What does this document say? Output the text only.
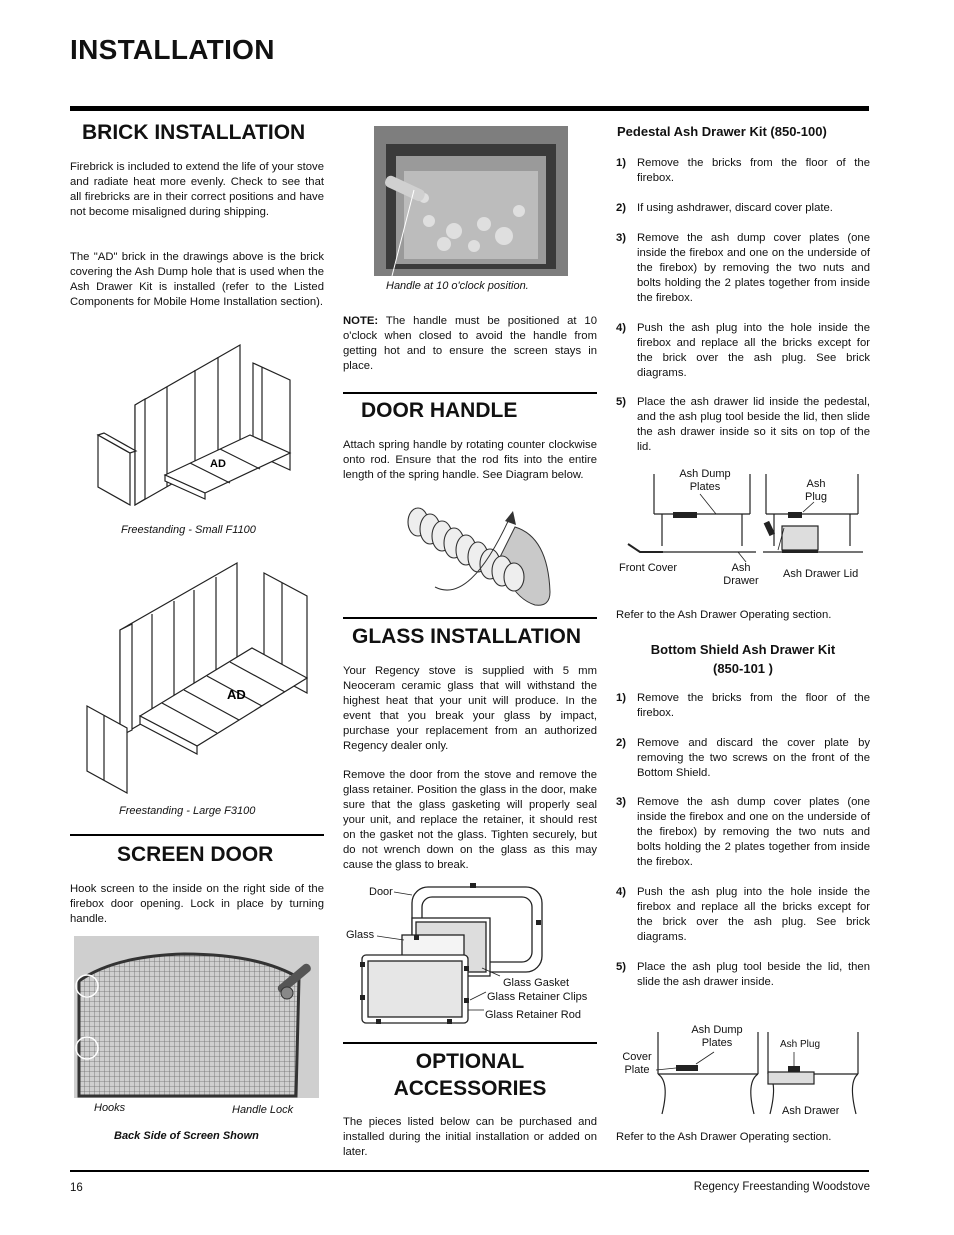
INSTALLATION
BRICK INSTALLATION
Firebrick is included to extend the life of your stove and radiate heat more evenly. Check to see that all firebricks are in their correct positions and have not become misaligned during shipping.
The "AD" brick in the drawings above is the brick covering the Ash Dump hole that is used when the Ash Drawer Kit is installed (refer to the Listed Components for Mobile Home Installation section).
AD
Freestanding - Small F1100
AD
Freestanding - Large F3100
SCREEN DOOR
Hook screen to the inside on the right side of the firebox door opening. Lock in place by turning handle.
Hooks	Handle Lock
Back Side of Screen Shown
Handle at 10 o'clock position.
NOTE: The handle must be positioned at 10 o'clock when closed to avoid the handle from getting hot and to ensure the screen stays in place.
DOOR HANDLE
Attach spring handle by rotating counter clockwise onto rod. Ensure that the rod fits into the entire length of the spring handle. See Diagram below.
GLASS INSTALLATION
Your Regency stove is supplied with 5 mm Neoceram ceramic glass that will withstand the highest heat that your unit will produce. In the event that you break your glass by impact, purchase your replacement from an authorized Regency dealer only.
Remove the door from the stove and remove the glass retainer. Position the glass in the door, make sure that the glass gasketing will properly seal your unit, and replace the retainer, it should rest on the gasket not the glass. Tighten securely, but do not wrench down on the glass as this may cause the glass to break.
Door
Glass
Glass Gasket
Glass Retainer Clips
Glass Retainer Rod
OPTIONAL
ACCESSORIES
The pieces listed below can be purchased and installed during the initial installation or added on later.
Pedestal Ash Drawer Kit (850-100)
1) Remove the bricks from the floor of the firebox.
2) If using ashdrawer, discard cover plate.
3) Remove the ash dump cover plates (one inside the firebox and one on the underside of the firebox) by removing the two nuts and bolts holding the 2 plates together from inside the firebox.
4) Push the ash plug into the hole inside the firebox and replace all the bricks except for the brick over the ash plug. See brick diagrams.
5) Place the ash drawer lid inside the pedestal, and the ash plug tool beside the lid, then slide the ash drawer inside so it sits on top of the lid.
Ash Dump Plates	Ash Plug
Front Cover	Ash Drawer
Ash Drawer Lid
Refer to the Ash Drawer Operating section.
Bottom Shield Ash Drawer Kit
(850-101 )
1) Remove the bricks from the floor of the firebox.
2) Remove and discard the cover plate by removing the two screws on the front of the Bottom Shield.
3) Remove the ash dump cover plates (one inside the firebox and one on the underside of the firebox) by removing the two nuts and bolts holding the 2 plates together from inside the firebox.
4) Push the ash plug into the hole inside the firebox and replace all the bricks except for the brick over the ash plug. See brick diagrams.
5) Place the ash plug tool beside the lid, then slide the ash drawer inside.
Cover Plate
Ash Dump Plates	Ash Plug
Ash Drawer
Refer to the Ash Drawer Operating section.
16	Regency Freestanding Woodstove
